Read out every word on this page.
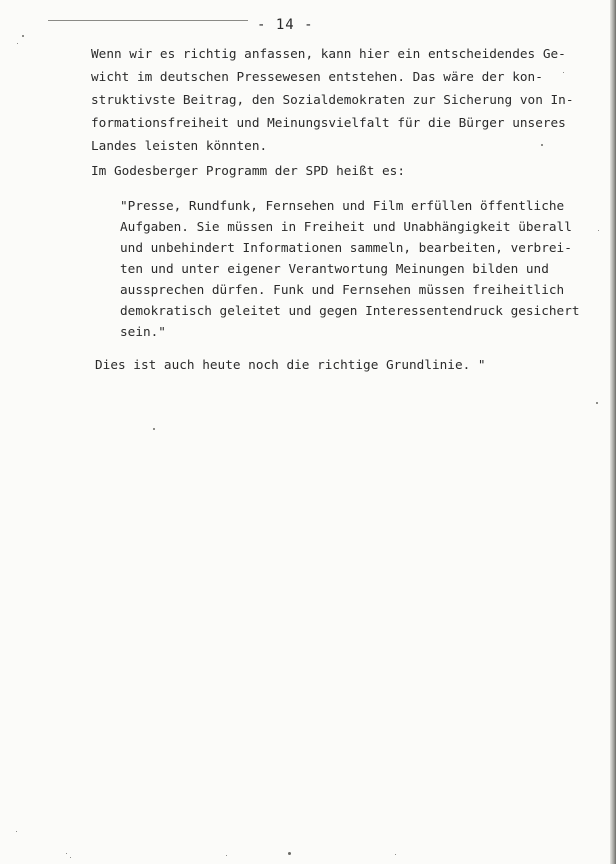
- 14 -
Wenn wir es richtig anfassen, kann hier ein entscheidendes Ge-
wicht im deutschen Pressewesen entstehen. Das wäre der kon-
struktivste Beitrag, den Sozialdemokraten zur Sicherung von In-
formationsfreiheit und Meinungsvielfalt für die Bürger unseres
Landes leisten könnten.
Im Godesberger Programm der SPD heißt es:
"Presse, Rundfunk, Fernsehen und Film erfüllen öffentliche
Aufgaben. Sie müssen in Freiheit und Unabhängigkeit überall
und unbehindert Informationen sammeln, bearbeiten, verbrei-
ten und unter eigener Verantwortung Meinungen bilden und
aussprechen dürfen. Funk und Fernsehen müssen freiheitlich
demokratisch geleitet und gegen Interessentendruck gesichert
sein."
Dies ist auch heute noch die richtige Grundlinie. "
